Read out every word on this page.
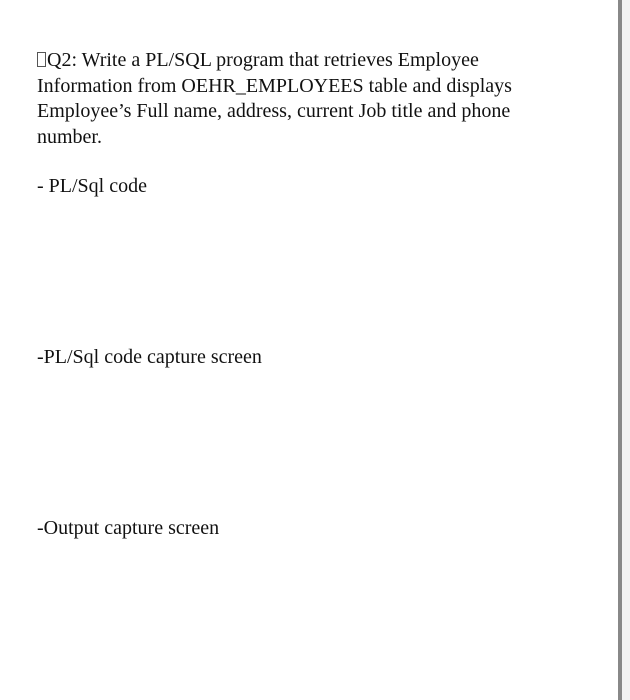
Q2: Write a PL/SQL program that retrieves Employee Information from OEHR_EMPLOYEES table and displays Employee’s Full name, address, current Job title and phone number.

- PL/Sql code

-PL/Sql code capture screen

-Output capture screen
